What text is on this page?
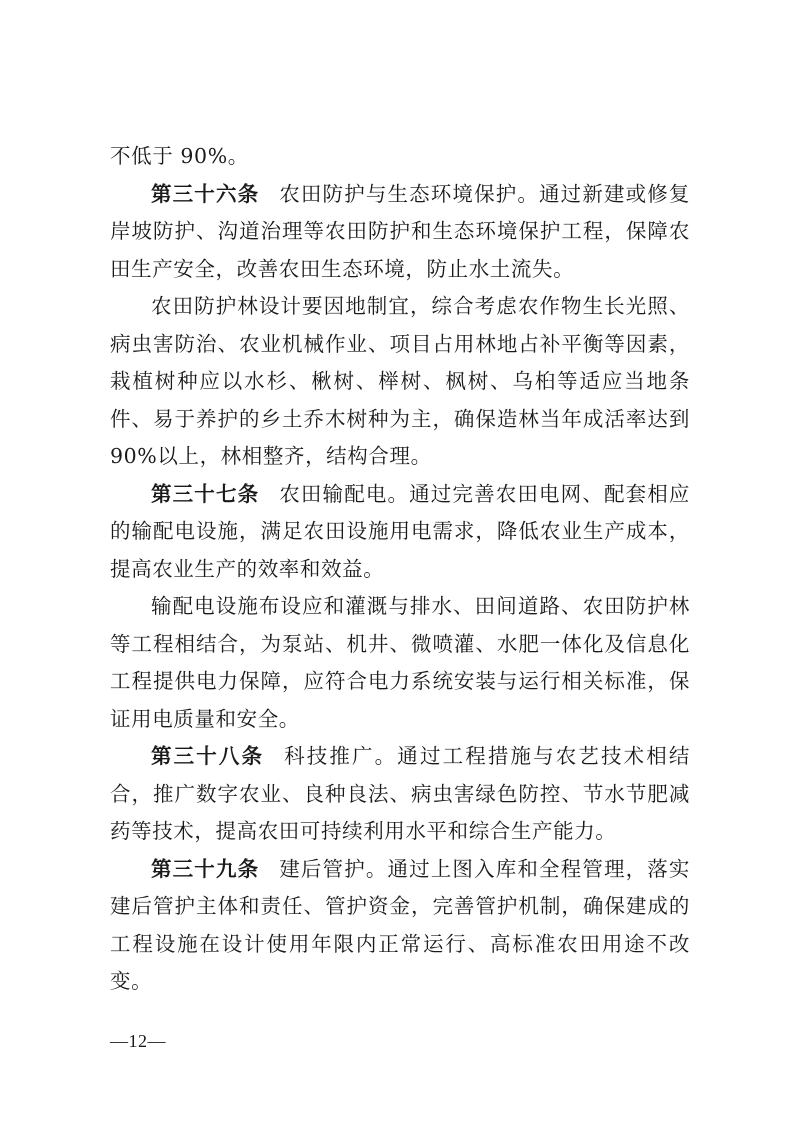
不低于 90%。

第三十六条 农田防护与生态环境保护。通过新建或修复岸坡防护、沟道治理等农田防护和生态环境保护工程，保障农田生产安全，改善农田生态环境，防止水土流失。

农田防护林设计要因地制宜，综合考虑农作物生长光照、病虫害防治、农业机械作业、项目占用林地占补平衡等因素，栽植树种应以水杉、楸树、榉树、枫树、乌桕等适应当地条件、易于养护的乡土乔木树种为主，确保造林当年成活率达到 90%以上，林相整齐，结构合理。

第三十七条 农田输配电。通过完善农田电网、配套相应的输配电设施，满足农田设施用电需求，降低农业生产成本，提高农业生产的效率和效益。

输配电设施布设应和灌溉与排水、田间道路、农田防护林等工程相结合，为泵站、机井、微喷灌、水肥一体化及信息化工程提供电力保障，应符合电力系统安装与运行相关标准，保证用电质量和安全。

第三十八条 科技推广。通过工程措施与农艺技术相结合，推广数字农业、良种良法、病虫害绿色防控、节水节肥减药等技术，提高农田可持续利用水平和综合生产能力。

第三十九条 建后管护。通过上图入库和全程管理，落实建后管护主体和责任、管护资金，完善管护机制，确保建成的工程设施在设计使用年限内正常运行、高标准农田用途不改变。

—12—
